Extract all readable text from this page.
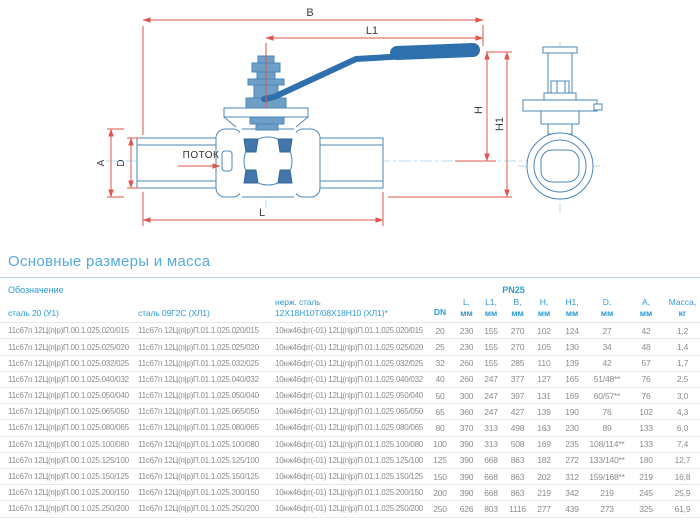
B
L1
H
H1
A D
L
ПОТОК
Основные размеры и масса
Обозначение	PN25
сталь 20 (У1)	сталь 09Г2С (ХЛ1)
нерж. сталь
12Х18Н10Т/08Х18Н10 (ХЛ1)*	DN
L,
мм
L1,
мм
B,
мм
H,
мм
H1,
мм
D,
мм
A,
мм
Масса,
кг
11с67п 12Ц(п|р)П.00.1.025.020/015	11с67п 12Ц(п|р)П.01.1.025.020/015	10нж46фт(-01) 12Ц(п|р)П.01.1.025.020/015	20	230	155	270	102	124	27	42	1,2
11с67п 12Ц(п|р)П.00.1.025.025/020	11с67п 12Ц(п|р)П.01.1.025.025/020	10нж46фт(-01) 12Ц(п|р)П.01.1.025.025/020	25	230	155	270	105	130	34	48	1,4
11с67п 12Ц(п|р)П.00.1.025.032/025	11с67п 12Ц(п|р)П.01.1.025.032/025	10нж46фт(-01) 12Ц(п|р)П.01.1.025.032/025	32	260	155	285	110	139	42	57	1,7
11с67п 12Ц(п|р)П.00.1.025.040/032	11с67п 12Ц(п|р)П.01.1.025.040/032	10нж46фт(-01) 12Ц(п|р)П.01.1.025.040/032	40	260	247	377	127	165	51/48**	76	2,5
11с67п 12Ц(п|р)П.00.1.025.050/040	11с67п 12Ц(п|р)П.01.1.025.050/040	10нж46фт(-01) 12Ц(п|р)П.01.1.025.050/040	50	300	247	397	131	169	60/57**	76	3,0
11с67п 12Ц(п|р)П.00.1.025.065/050	11с67п 12Ц(п|р)П.01.1.025.065/050	10нж46фт(-01) 12Ц(п|р)П.01.1.025.065/050	65	360	247	427	139	190	76	102	4,3
11с67п 12Ц(п|р)П.00.1.025.080/065	11с67п 12Ц(п|р)П.01.1.025.080/065	10нж46фт(-01) 12Ц(п|р)П.01.1.025.080/065	80	370	313	498	163	230	89	133	6,0
11с67п 12Ц(п|р)П.00.1.025.100/080	11с67п 12Ц(п|р)П.01.1.025.100/080	10нж46фт(-01) 12Ц(п|р)П.01.1.025.100/080	100	390	313	508	169	235	108/114**	133	7,4
11с67п 12Ц(п|р)П.00.1.025.125/100	11с67п 12Ц(п|р)П.01.1.025.125/100	10нж46фт(-01) 12Ц(п|р)П.01.1.025.125/100	125	390	668	863	182	272	133/140**	180	12,7
11с67п 12Ц(п|р)П.00.1.025.150/125	11с67п 12Ц(п|р)П.01.1.025.150/125	10нж46фт(-01) 12Ц(п|р)П.01.1.025.150/125	150	390	668	863	202	312	159/168**	219	16,8
11с67п 12Ц(п|р)П.00.1.025.200/150	11с67п 12Ц(п|р)П.01.1.025.200/150	10нж46фт(-01) 12Ц(п|р)П.01.1.025.200/150	200	390	668	863	219	342	219	245	25,9
11с67п 12Ц(п|р)П.00.1.025.250/200	11с67п 12Ц(п|р)П.01.1.025.250/200	10нж46фт(-01) 12Ц(п|р)П.01.1.025.250/200	250	626	803	1116	277	439	273	325	61,9
